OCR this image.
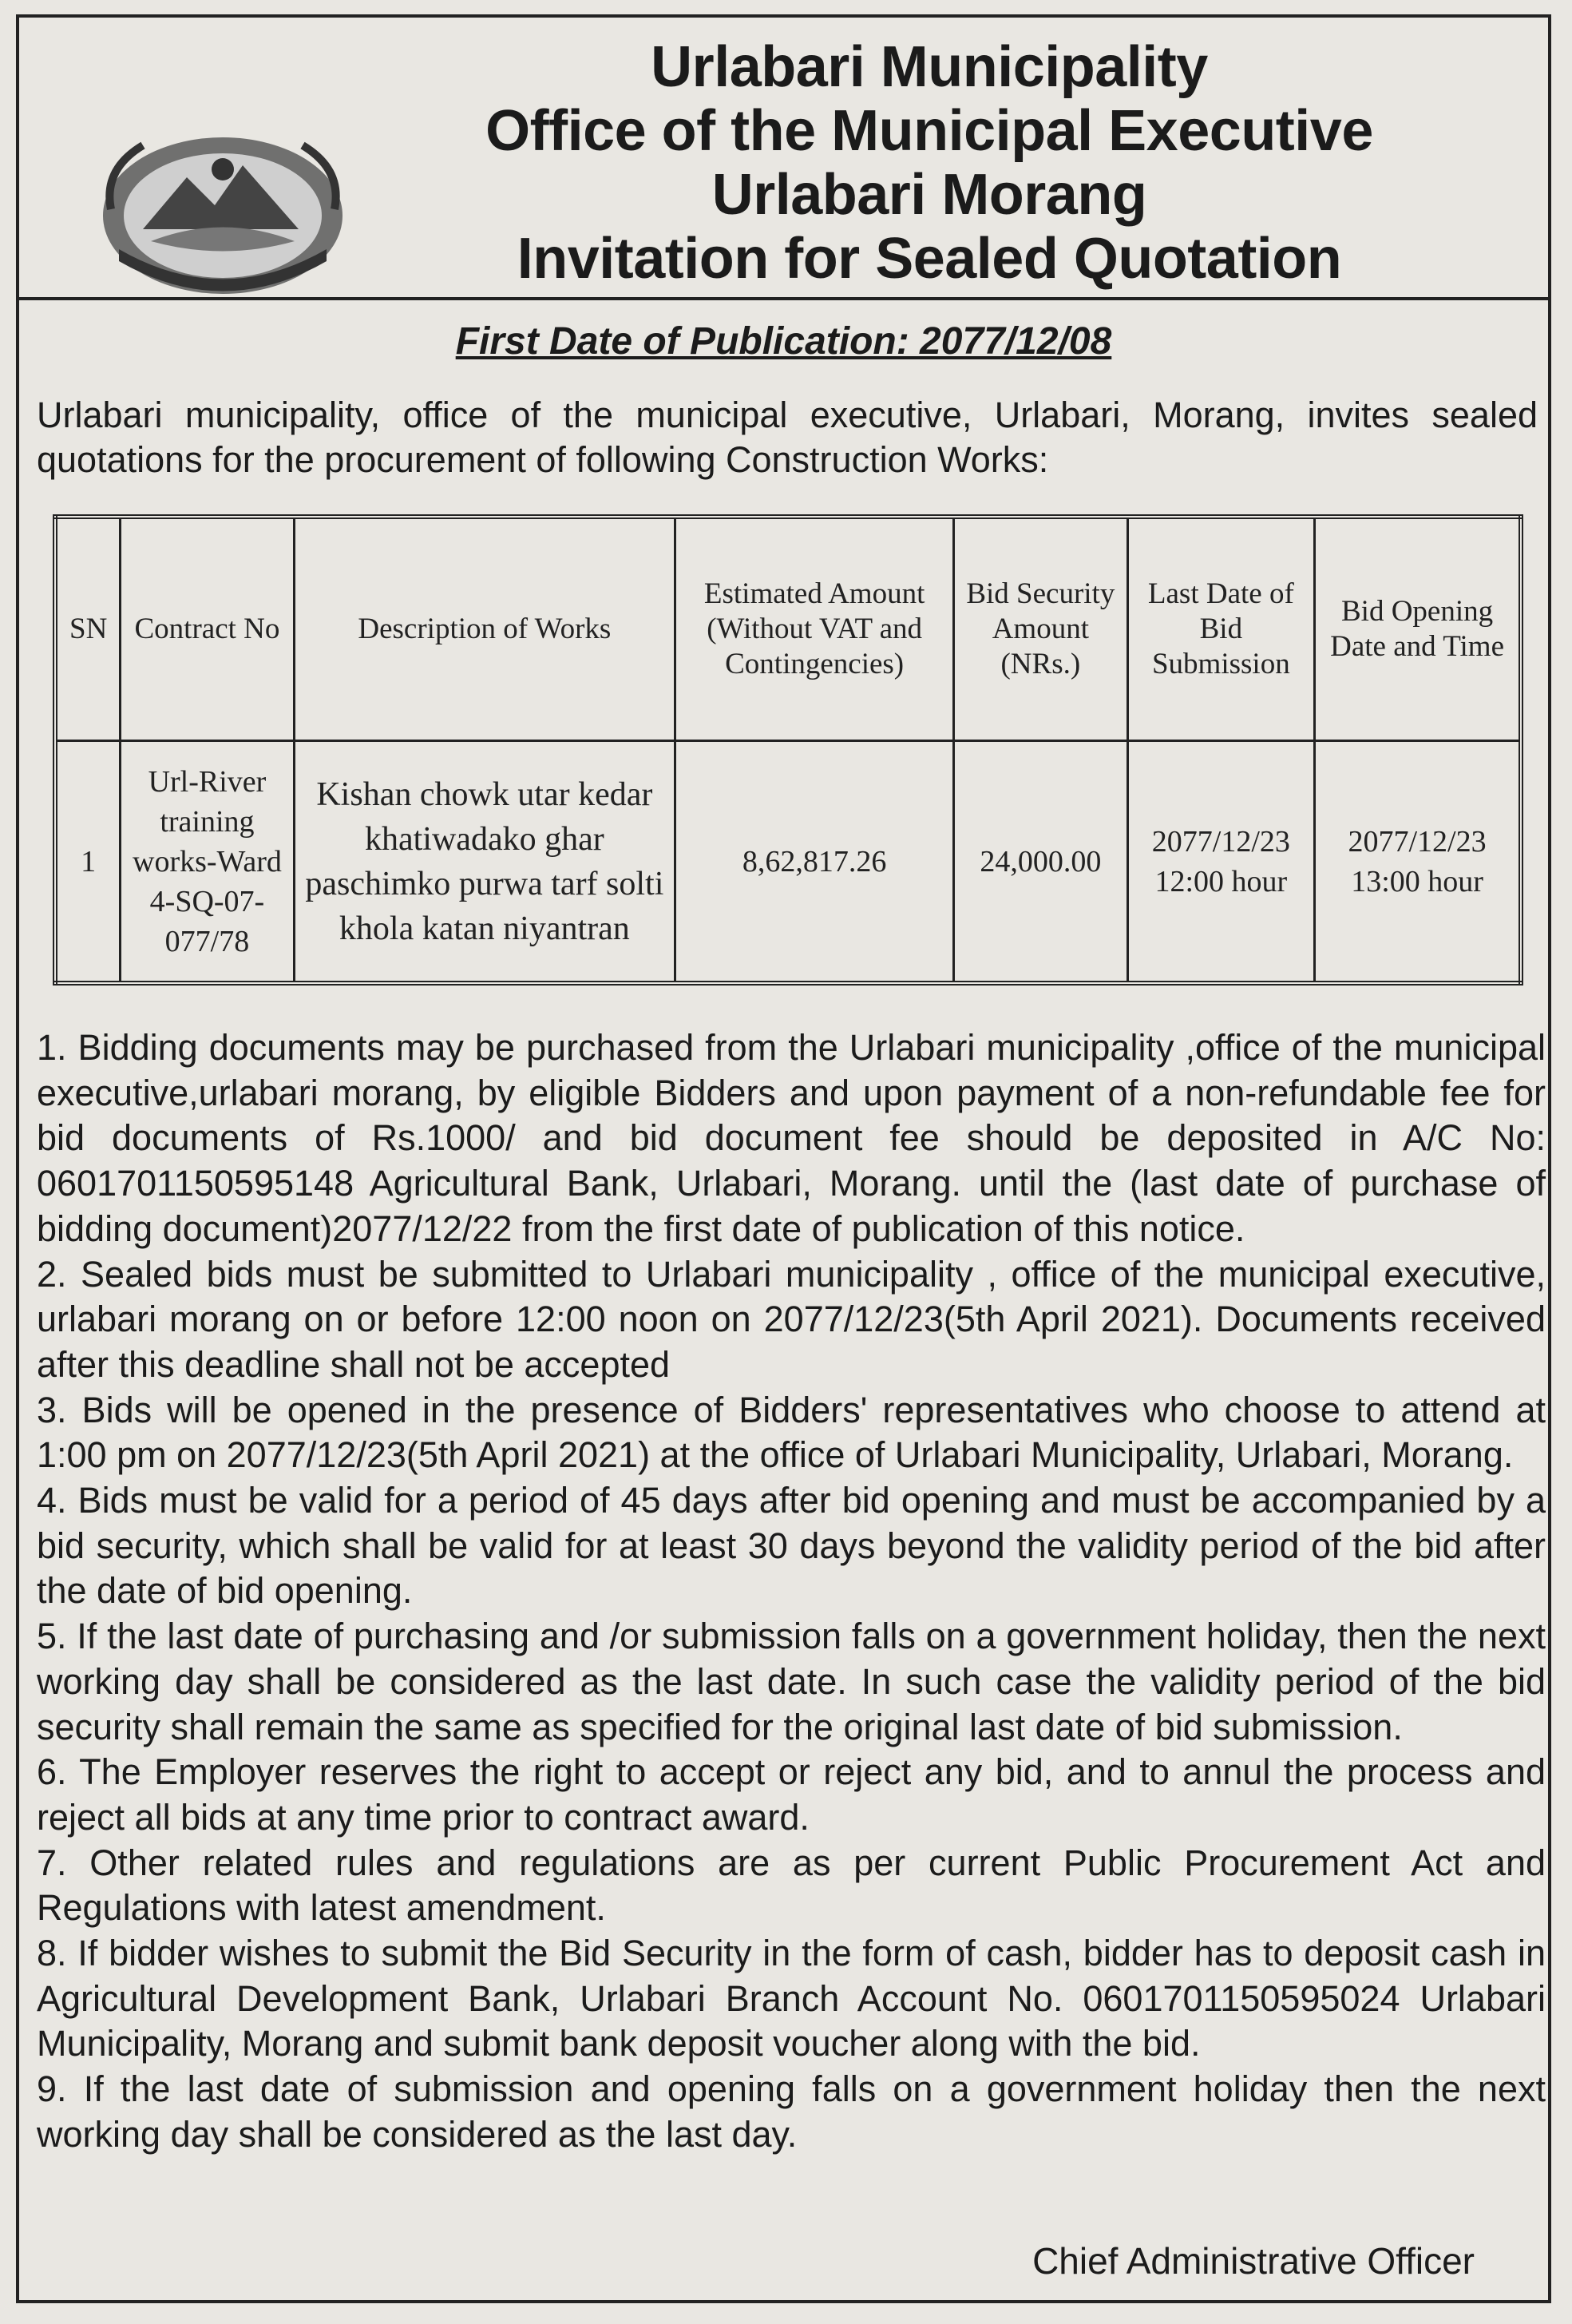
Urlabari Municipality
Office of the Municipal Executive
Urlabari Morang
Invitation for Sealed Quotation
First Date of Publication: 2077/12/08
Urlabari municipality, office of the municipal executive, Urlabari, Morang, invites sealed quotations for the procurement of following Construction Works:
SN	Contract No	Description of Works	Estimated Amount (Without VAT and Contingencies)	Bid Security Amount (NRs.)	Last Date of Bid Submission	Bid Opening Date and Time
1	Url-River training works-Ward 4-SQ-07-077/78	Kishan chowk utar kedar khatiwadako ghar paschimko purwa tarf solti khola katan niyantran	8,62,817.26	24,000.00	2077/12/23 12:00 hour	2077/12/23 13:00 hour

1. Bidding documents may be purchased from the Urlabari municipality ,office of the municipal executive,urlabari morang, by eligible Bidders and upon payment of a non-refundable fee for bid documents of Rs.1000/ and bid document fee should be deposited in A/C No: 0601701150595148 Agricultural Bank, Urlabari, Morang. until the (last date of purchase of bidding document)2077/12/22 from the first date of publication of this notice.

2. Sealed bids must be submitted to Urlabari municipality , office of the municipal executive, urlabari morang on or before 12:00 noon on 2077/12/23(5th April 2021). Documents received after this deadline shall not be accepted

3. Bids will be opened in the presence of Bidders' representatives who choose to attend at 1:00 pm on 2077/12/23(5th April 2021) at the office of Urlabari Municipality, Urlabari, Morang.

4. Bids must be valid for a period of 45 days after bid opening and must be accompanied by a bid security, which shall be valid for at least 30 days beyond the validity period of the bid after the date of bid opening.

5. If the last date of purchasing and /or submission falls on a government holiday, then the next working day shall be considered as the last date. In such case the validity period of the bid security shall remain the same as specified for the original last date of bid submission.

6. The Employer reserves the right to accept or reject any bid, and to annul the process and reject all bids at any time prior to contract award.

7. Other related rules and regulations are as per current Public Procurement Act and Regulations with latest amendment.

8. If bidder wishes to submit the Bid Security in the form of cash, bidder has to deposit cash in Agricultural Development Bank, Urlabari Branch Account No. 0601701150595024 Urlabari Municipality, Morang and submit bank deposit voucher along with the bid.

9. If the last date of submission and opening falls on a government holiday then the next working day shall be considered as the last day.

Chief Administrative Officer
